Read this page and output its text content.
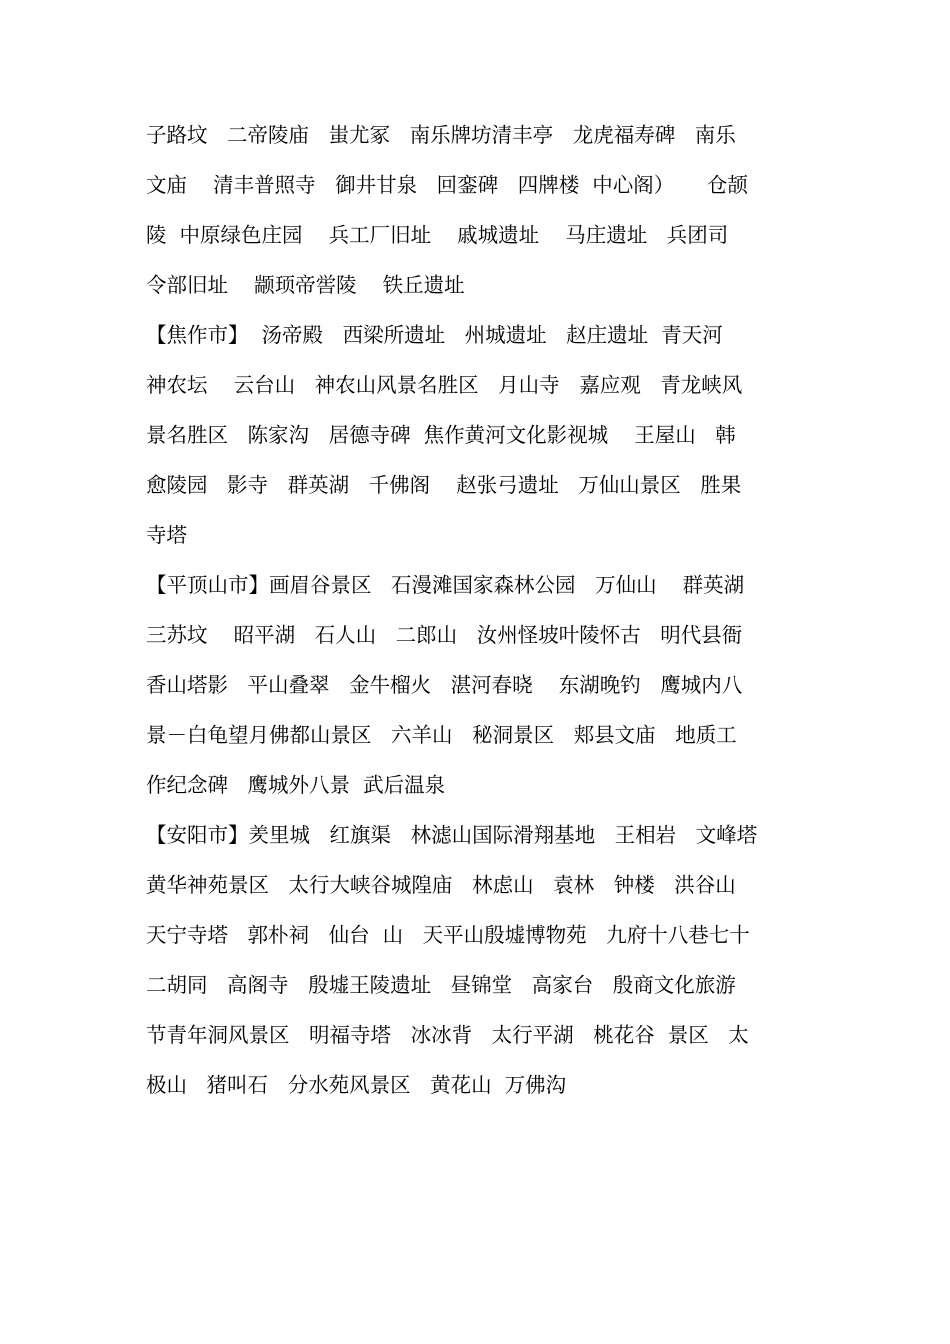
子路坟   二帝陵庙   蚩尤冢   南乐牌坊清丰亭   龙虎福寿碑   南乐
文庙    清丰普照寺   御井甘泉   回銮碑   四牌楼  中心阁）     仓颉
陵  中原绿色庄园    兵工厂旧址    戚城遗址    马庄遗址   兵团司
令部旧址    颛顼帝喾陵    铁丘遗址
【焦作市】  汤帝殿   西梁所遗址   州城遗址   赵庄遗址  青天河
神农坛    云台山   神农山风景名胜区   月山寺   嘉应观   青龙峡风
景名胜区   陈家沟   居德寺碑  焦作黄河文化影视城    王屋山   韩
愈陵园   影寺   群英湖   千佛阁    赵张弓遗址   万仙山景区   胜果
寺塔
【平顶山市】画眉谷景区   石漫滩国家森林公园   万仙山    群英湖
三苏坟    昭平湖   石人山   二郎山   汝州怪坡叶陵怀古   明代县衙
香山塔影   平山叠翠   金牛榴火   湛河春晓    东湖晚钓   鹰城内八
景－白龟望月佛都山景区   六羊山   秘洞景区   郏县文庙   地质工
作纪念碑   鹰城外八景  武后温泉
【安阳市】羑里城   红旗渠   林滤山国际滑翔基地   王相岩   文峰塔
黄华神苑景区   太行大峡谷城隍庙   林虑山   袁林   钟楼   洪谷山
天宁寺塔   郭朴祠   仙台  山   天平山殷墟博物苑   九府十八巷七十
二胡同   高阁寺   殷墟王陵遗址   昼锦堂   高家台   殷商文化旅游
节青年洞风景区   明福寺塔   冰冰背   太行平湖   桃花谷  景区   太
极山   猪叫石   分水苑风景区   黄花山  万佛沟
